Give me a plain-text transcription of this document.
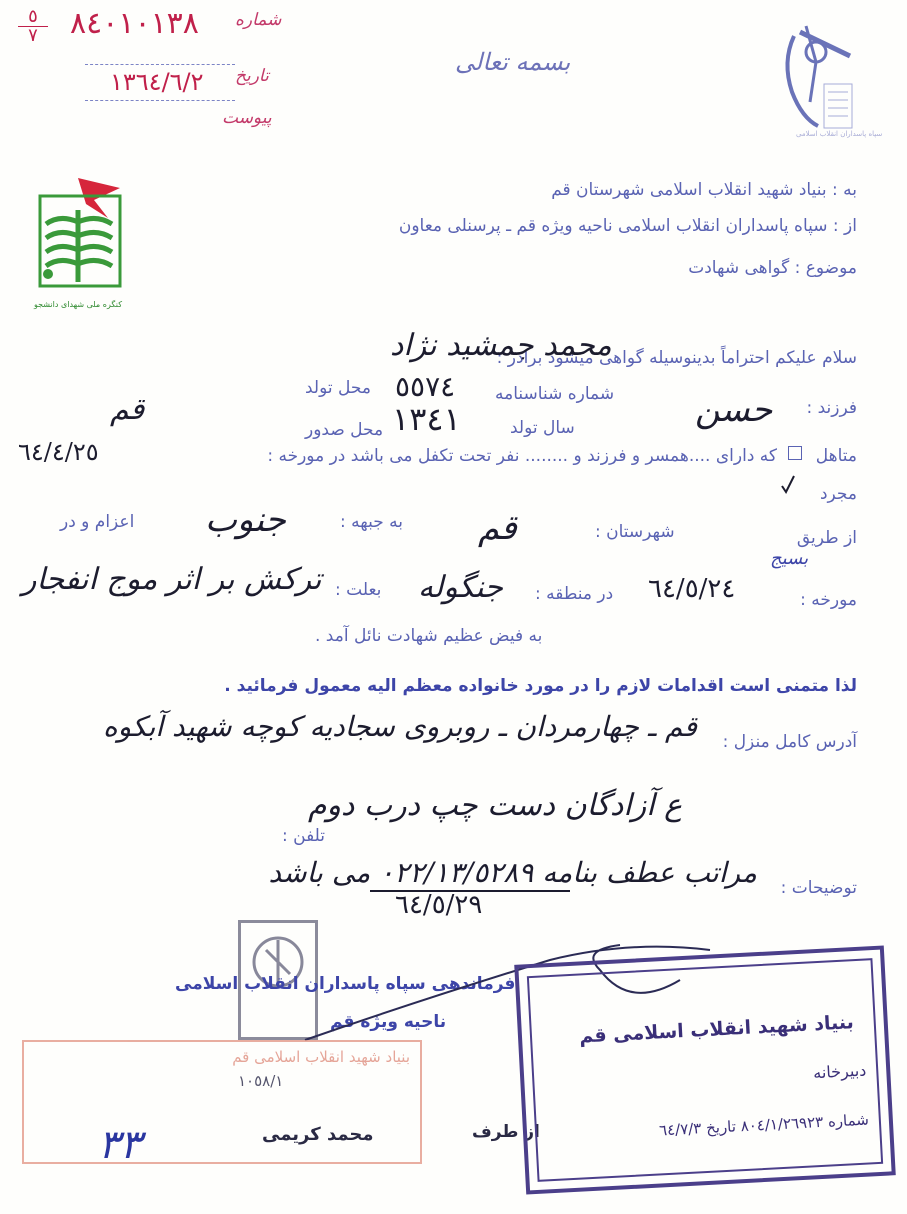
٥
٧	٨٤٠١٠١٣٨ شماره
١٣٦٤/٦/٢ تاریخ
پیوست
بسمه تعالی
سپاه پاسداران انقلاب اسلامی
کنگره ملی شهدای دانشجو
به : بنیاد شهید انقلاب اسلامی شهرستان قم
از : سپاه پاسداران انقلاب اسلامی ناحیه ویژه قم ـ پرسنلی معاون
موضوع : گواهی شهادت
سلام علیکم احتراماً بدینوسیله گواهی میشود برادر :
محمد جمشید نژاد
فرزند :
حسن
شماره شناسنامه
٥٥٧٤
سال تولد
١٣٤١
محل تولد
محل صدور
قم
متاهل
که دارای ....همسر و فرزند و ........ نفر تحت تکفل می باشد در مورخه :
٦٤/٤/٢٥
مجرد
از طریق
بسیج
شهرستان :
قم
به جبهه :
جنوب
اعزام و در
مورخه :
٦٤/٥/٢٤
در منطقه :
جنگوله
بعلت :
ترکش بر اثر موج انفجار
به فیض عظیم شهادت نائل آمد .
لذا متمنی است اقدامات لازم را در مورد خانواده معظم الیه معمول فرمائید .
آدرس کامل منزل :
قم ـ چهارمردان ـ روبروی سجادیه کوچه شهید آبکوه
ع آزادگان دست چپ درب دوم
تلفن :
توضیحات :
مراتب عطف بنامه ٠٢٢/١٣/٥٢٨٩ می باشد
٦٤/٥/٢٩
فرماندهی سپاه پاسداران انقلاب اسلامی
ناحیه ویژه قم
از طرف
محمد کریمی
٣٣
بنیاد شهید انقلاب اسلامی قم
١٠٥٨/١
بنیاد شهید انقلاب اسلامی قم
دبیرخانه
شماره ٨٠٤/١/٢٦٩٢٣ تاریخ ٦٤/٧/٣
